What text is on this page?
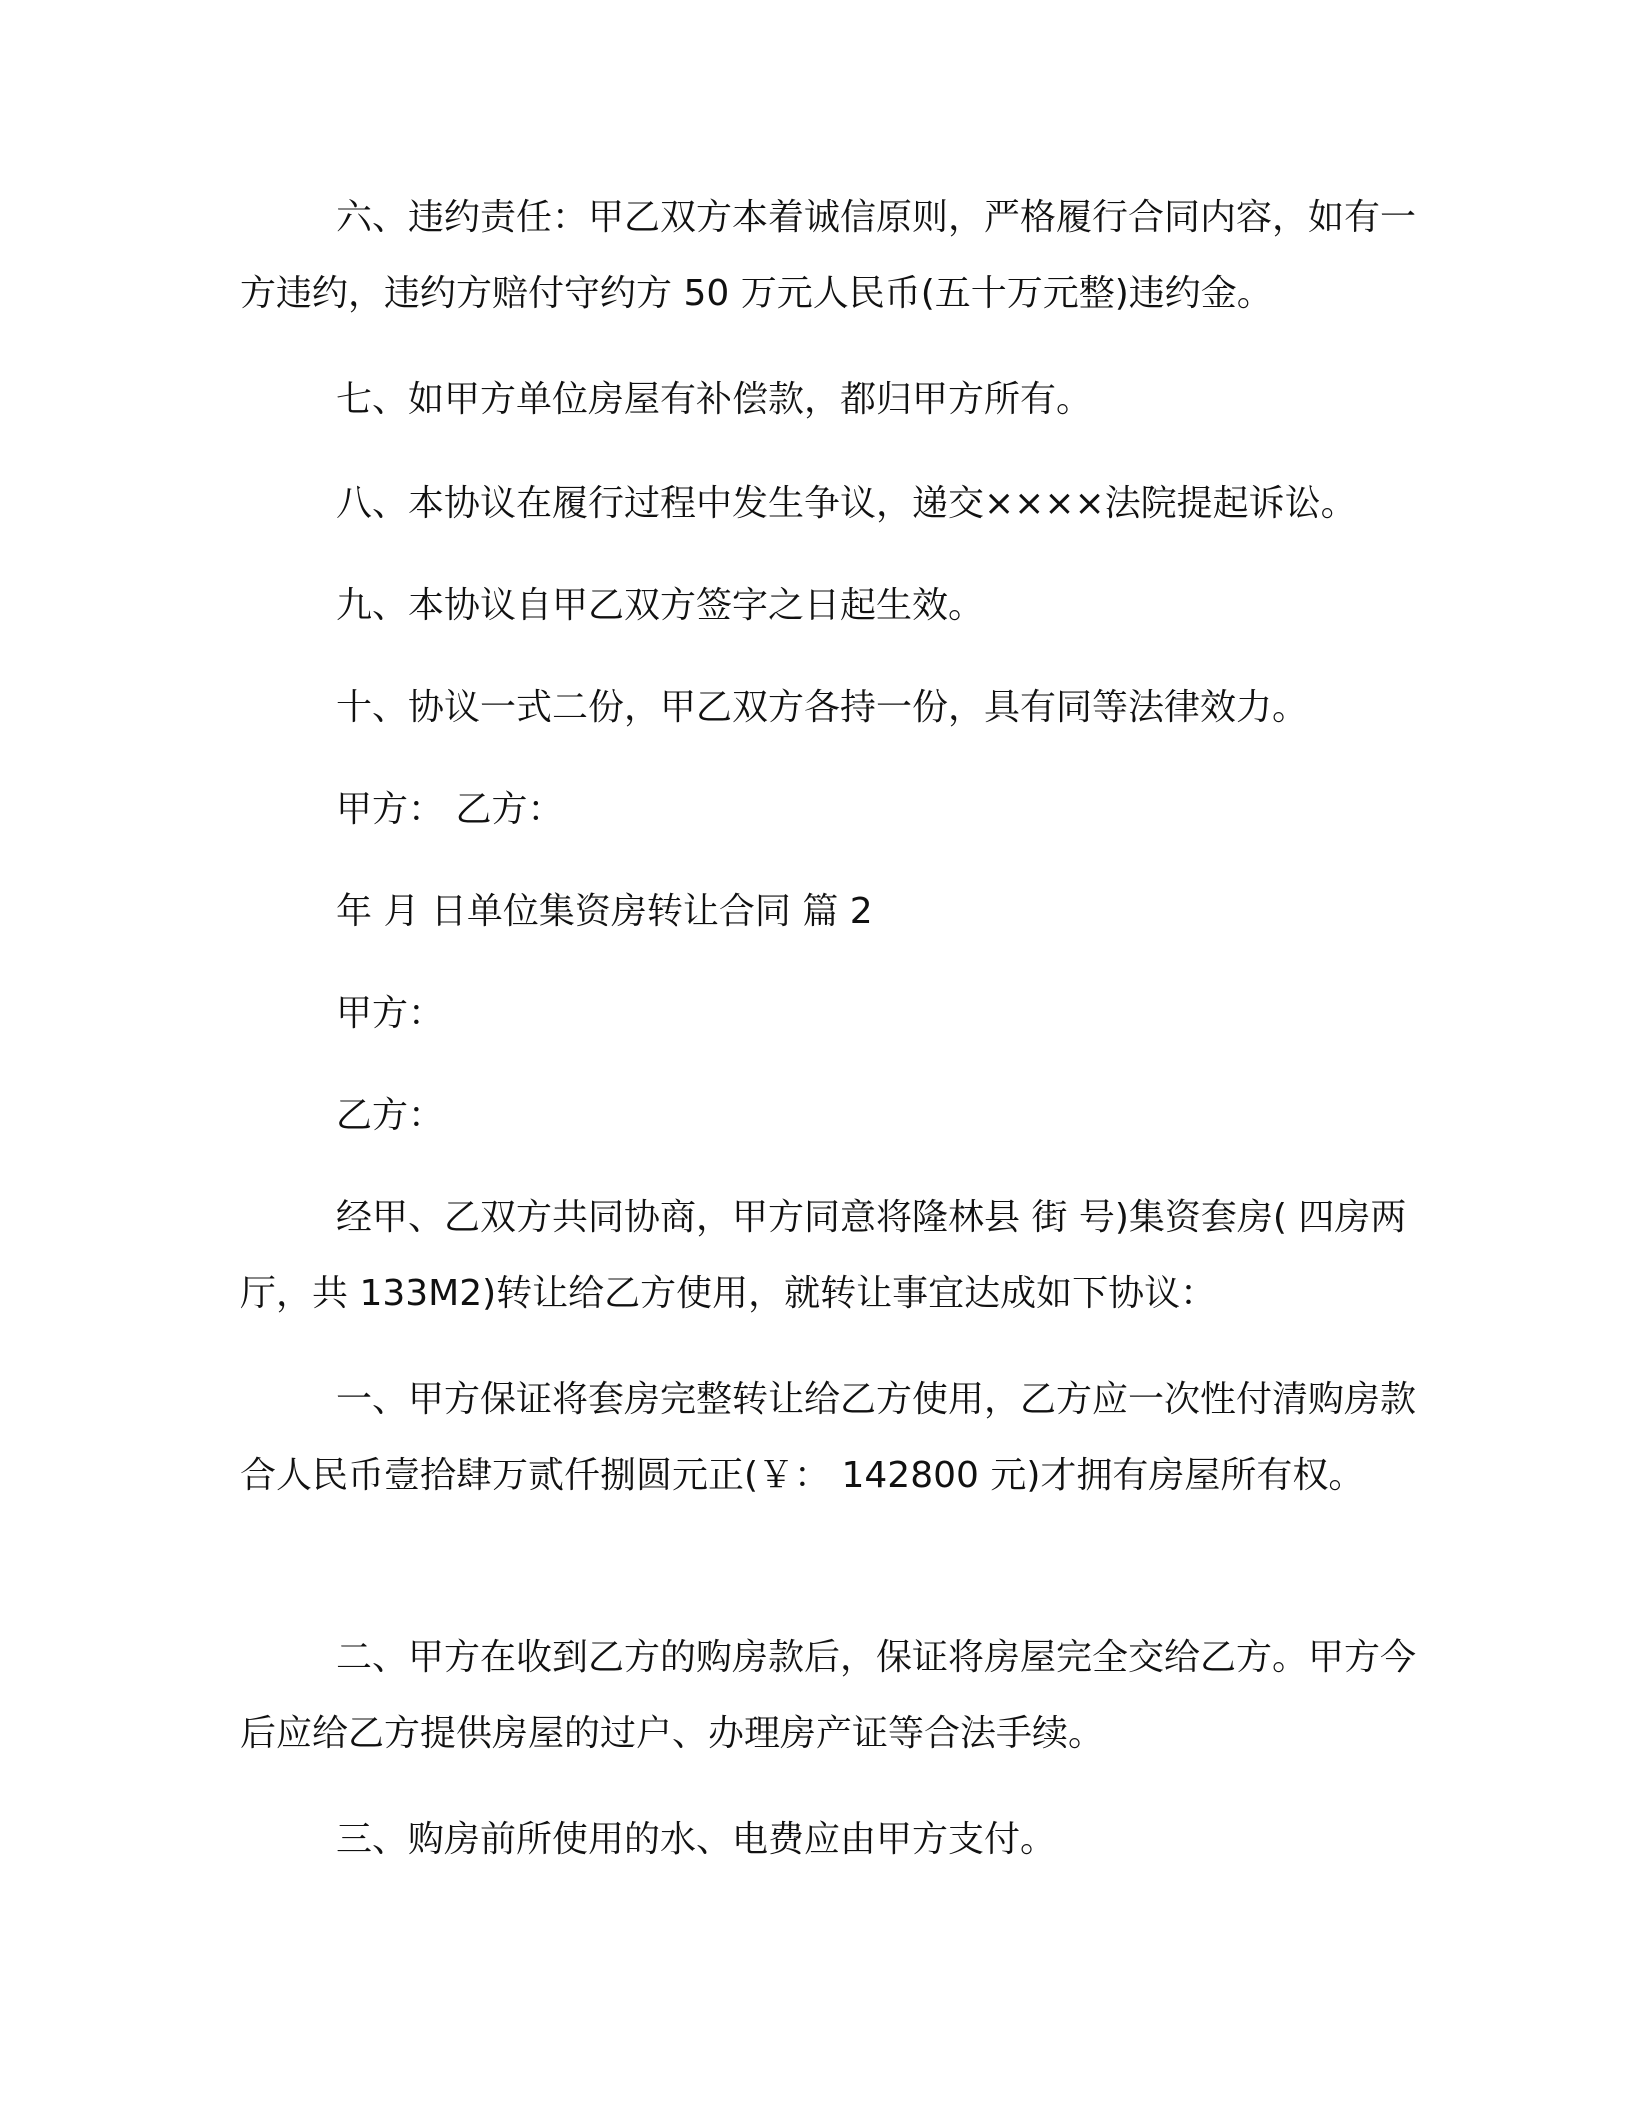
六、违约责任：甲乙双方本着诚信原则，严格履行合同内容，如有一方违约，违约方赔付守约方 50 万元人民币(五十万元整)违约金。

七、如甲方单位房屋有补偿款，都归甲方所有。

八、本协议在履行过程中发生争议，递交××××法院提起诉讼。

九、本协议自甲乙双方签字之日起生效。

十、协议一式二份，甲乙双方各持一份，具有同等法律效力。

甲方： 乙方：

年 月 日单位集资房转让合同 篇 2

甲方：

乙方：

经甲、乙双方共同协商，甲方同意将隆林县 街 号)集资套房( 四房两厅，共 133M2)转让给乙方使用，就转让事宜达成如下协议：

一、甲方保证将套房完整转让给乙方使用，乙方应一次性付清购房款合人民币壹拾肆万贰仟捌圆元正(￥： 142800 元)才拥有房屋所有权。

二、甲方在收到乙方的购房款后，保证将房屋完全交给乙方。甲方今后应给乙方提供房屋的过户、办理房产证等合法手续。

三、购房前所使用的水、电费应由甲方支付。
